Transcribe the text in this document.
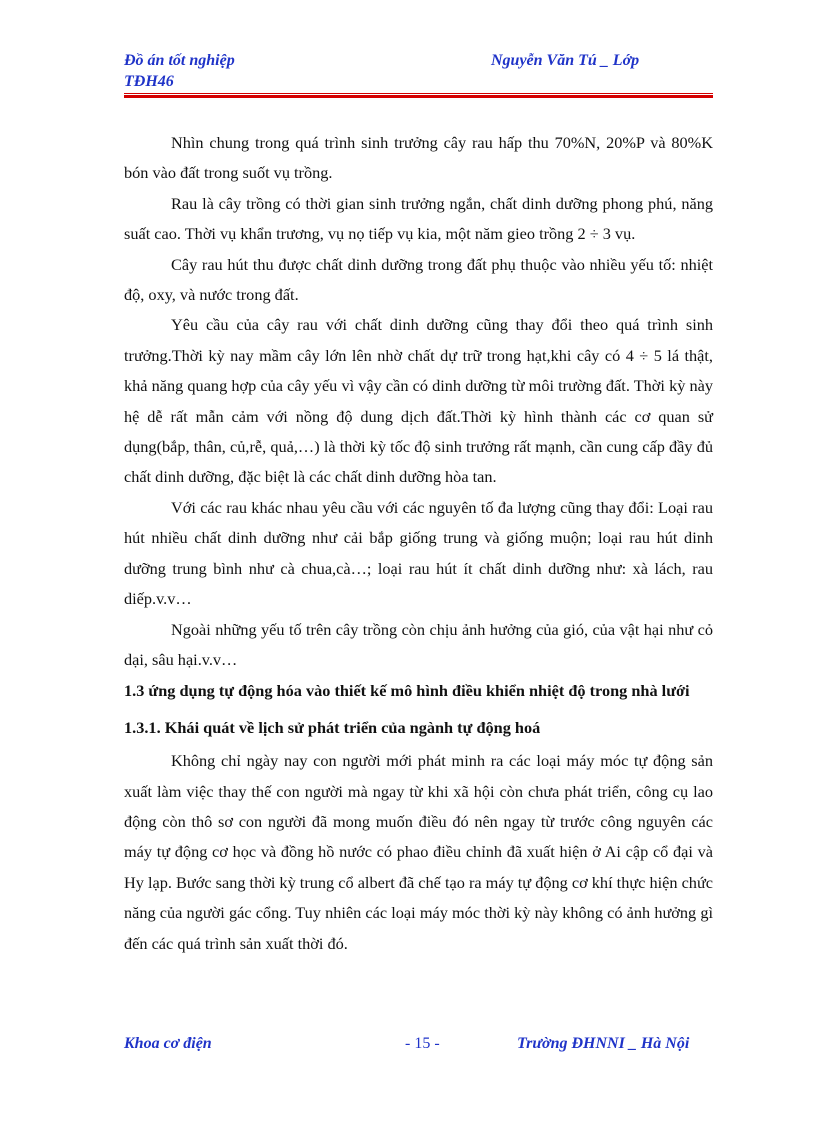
Đồ án tốt nghiệp
TĐH46
Nguyễn Văn Tú _ Lớp

Nhìn chung trong quá trình sinh trưởng cây rau hấp thu 70%N, 20%P và 80%K bón vào đất trong suốt vụ trồng.

Rau là cây trồng có thời gian sinh trưởng ngắn, chất dinh dưỡng phong phú, năng suất cao. Thời vụ khẩn trương, vụ nọ tiếp vụ kia, một năm gieo trồng 2 ÷ 3 vụ.

Cây rau hút thu được chất dinh dưỡng trong đất phụ thuộc vào nhiều yếu tố: nhiệt độ, oxy, và nước trong đất.

Yêu cầu của cây rau với chất dinh dưỡng cũng thay đổi theo quá trình sinh trưởng.Thời kỳ nay mầm cây lớn lên nhờ chất dự trữ trong hạt,khi cây có 4 ÷ 5 lá thật, khả năng quang hợp của cây yếu vì vậy cần có dinh dưỡng từ môi trường đất. Thời kỳ này hệ dễ rất mẫn cảm với nồng độ dung dịch đất.Thời kỳ hình thành các cơ quan sử dụng(bắp, thân, củ,rễ, quả,…) là thời kỳ tốc độ sinh trưởng rất mạnh, cần cung cấp đầy đủ chất dinh dưỡng, đặc biệt là các chất dinh dưỡng hòa tan.

Với các rau khác nhau yêu cầu với các nguyên tố đa lượng cũng thay đổi: Loại rau hút nhiều chất dinh dưỡng như cải bắp giống trung và giống muộn; loại rau hút dinh dưỡng trung bình như cà chua,cà…; loại rau hút ít chất dinh dưỡng như: xà lách, rau diếp.v.v…

Ngoài những yếu tố trên cây trồng còn chịu ảnh hưởng của gió, của vật hại như cỏ dại, sâu hại.v.v…

1.3 ứng dụng tự động hóa vào thiết kế mô hình điều khiển nhiệt độ trong nhà lưới
1.3.1. Khái quát về lịch sử phát triển của ngành tự động hoá

Không chỉ ngày nay con người mới phát minh ra các loại máy móc tự động sản xuất làm việc thay thế con người mà ngay từ khi xã hội còn chưa phát triển, công cụ lao động còn thô sơ con người đã mong muốn điều đó nên ngay từ trước công nguyên các máy tự động cơ học và đồng hồ nước có phao điều chỉnh đã xuất hiện ở Ai cập cổ đại và Hy lạp. Bước sang thời kỳ trung cổ albert đã chế tạo ra máy tự động cơ khí thực hiện chức năng của người gác cổng. Tuy nhiên các loại máy móc thời kỳ này không có ảnh hưởng gì đến các quá trình sản xuất thời đó.

Khoa cơ điện	- 15 -	Trường ĐHNNI _ Hà Nội
